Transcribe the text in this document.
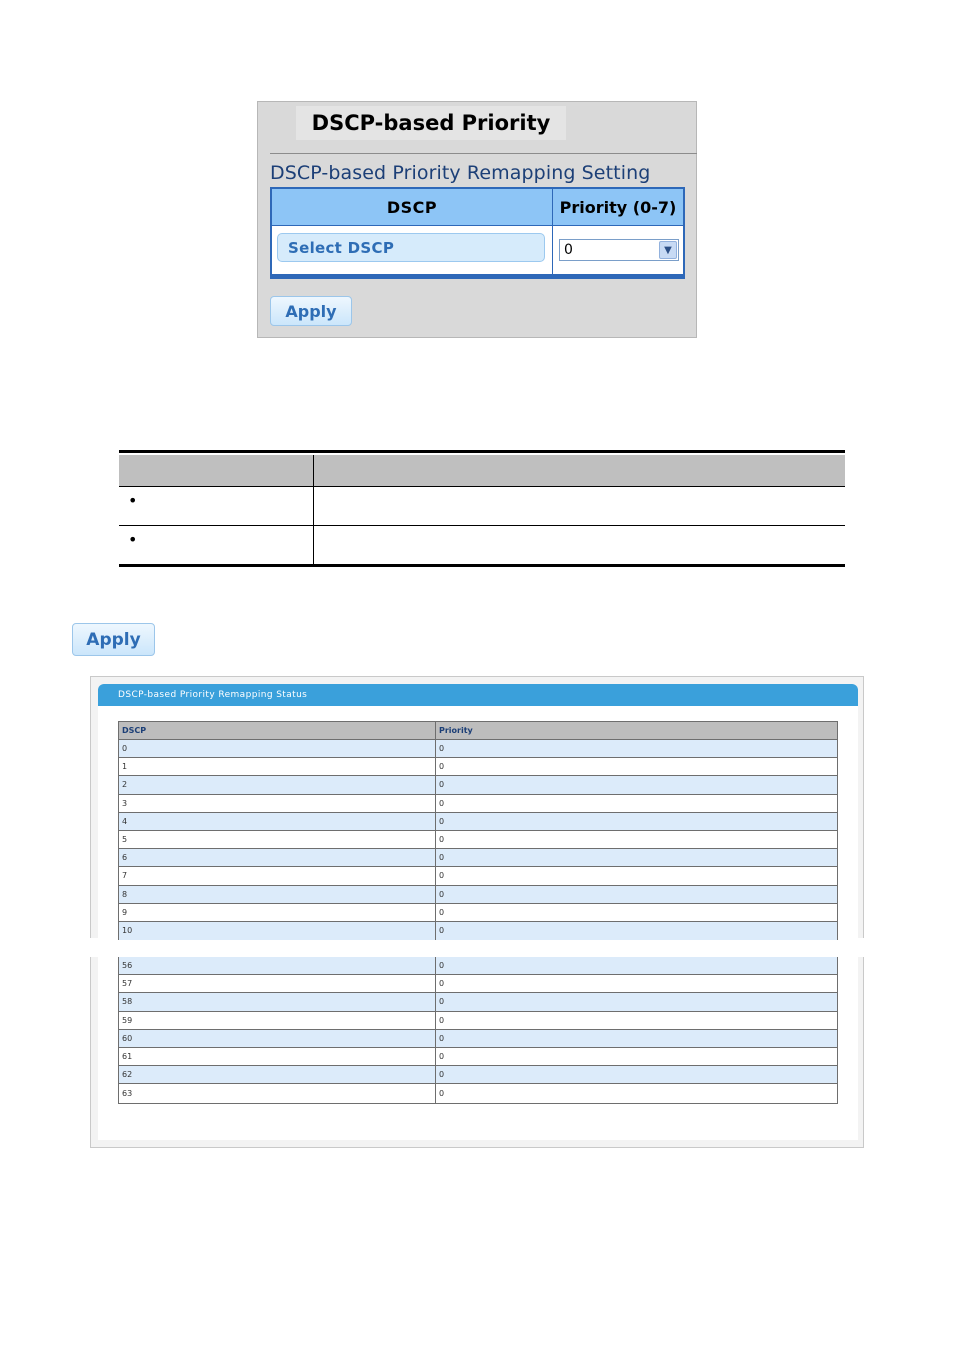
DSCP-based Priority
DSCP-based Priority Remapping Setting
DSCP	Priority (0-7)
Select DSCP	0	▼
Apply
•
•
Apply
DSCP-based Priority Remapping Status
DSCP	Priority
0	0
1	0
2	0
3	0
4	0
5	0
6	0
7	0
8	0
9	0
10	0
56	0
57	0
58	0
59	0
60	0
61	0
62	0
63	0
